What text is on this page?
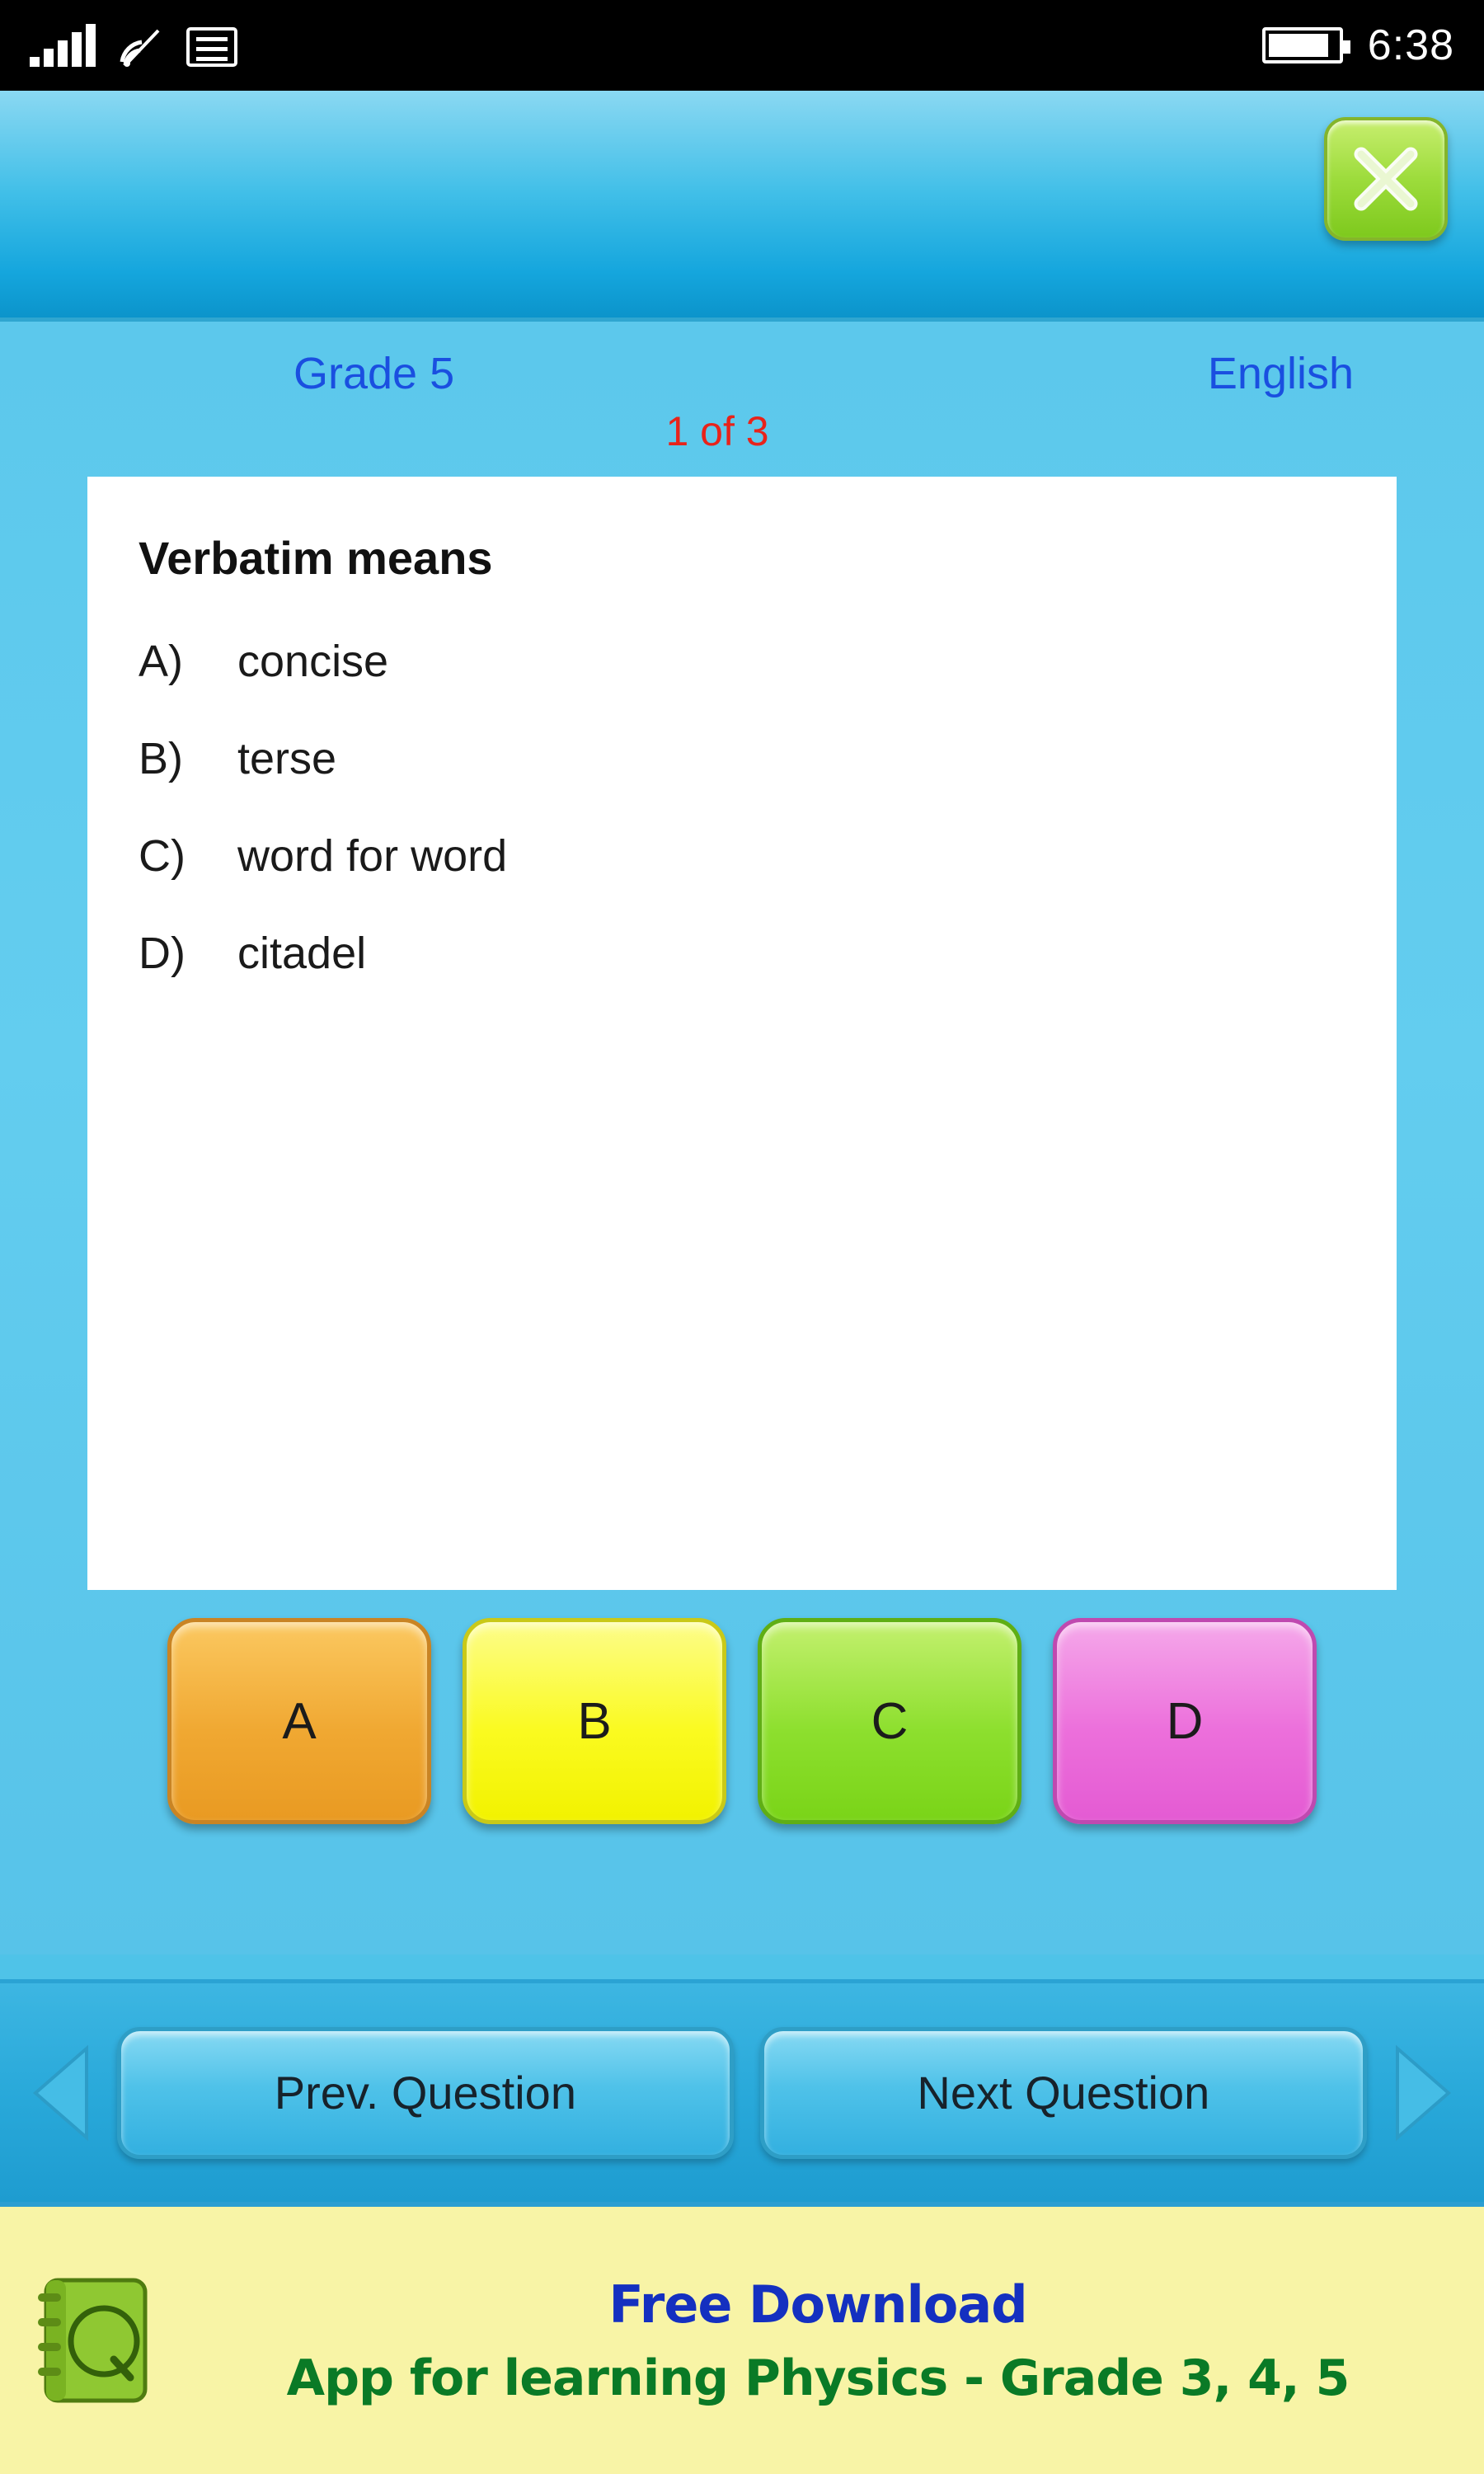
6:38
Grade 5	English
1 of 3
Verbatim means
A)	concise
B)	terse
C)	word for word
D)	citadel
A	B	C	D
Prev. Question	Next Question
Free Download
App for learning Physics - Grade 3, 4, 5
